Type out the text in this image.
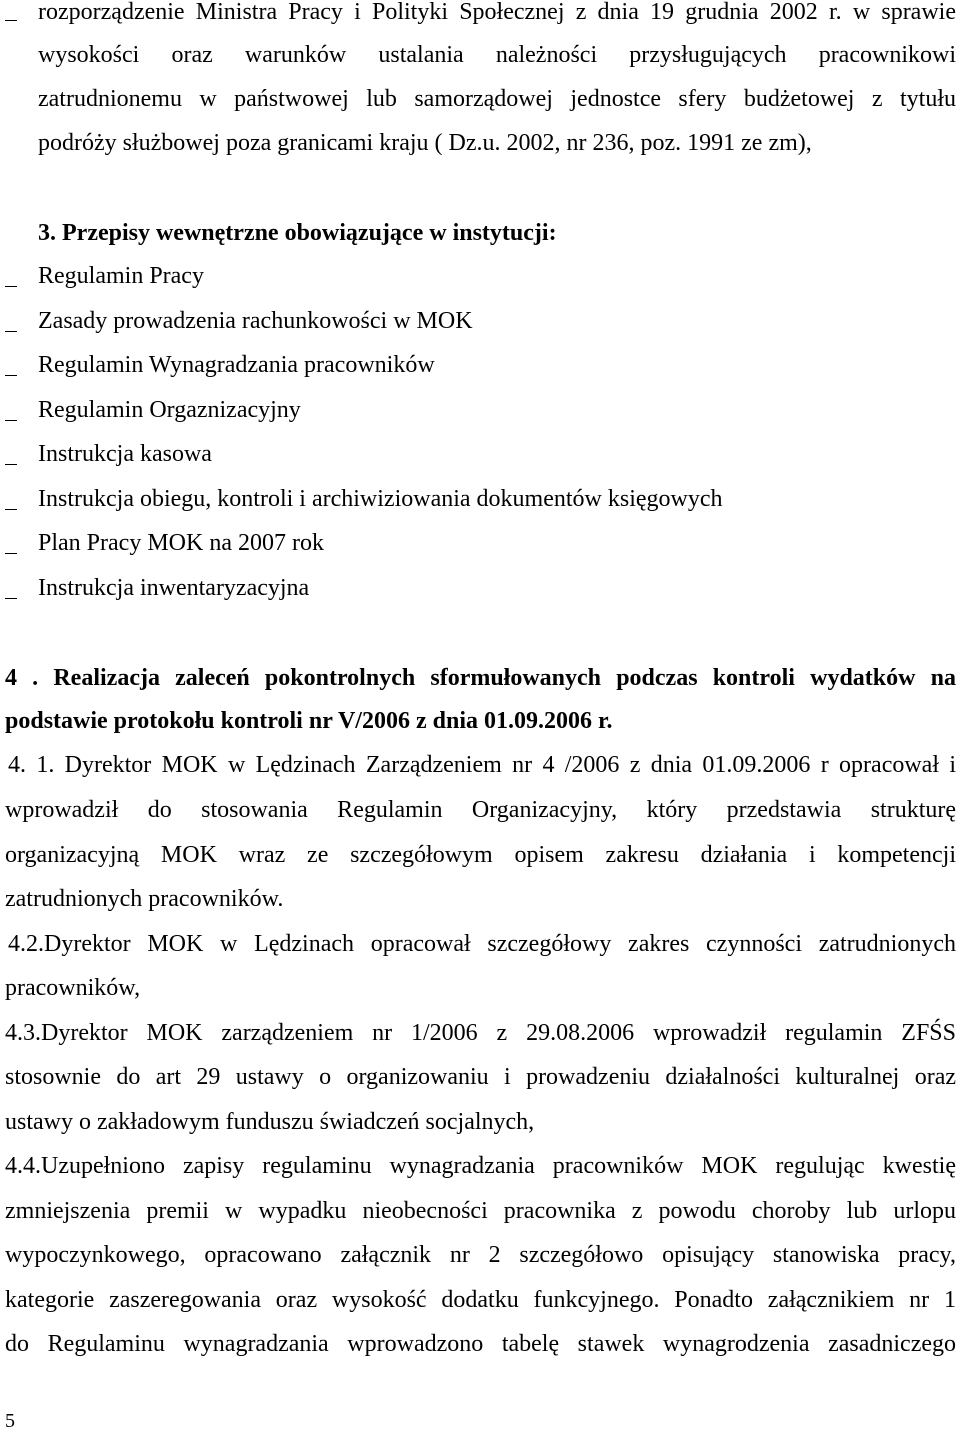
rozporządzenie Ministra Pracy i Polityki Społecznej z dnia 19 grudnia 2002 r. w sprawie
wysokości oraz warunków ustalania należności przysługujących pracownikowi
zatrudnionemu w państwowej lub samorządowej jednostce sfery budżetowej z tytułu
podróży służbowej poza granicami kraju ( Dz.u. 2002, nr 236, poz. 1991 ze zm),
3. Przepisy wewnętrzne obowiązujące w instytucji:
Regulamin Pracy
Zasady prowadzenia rachunkowości w MOK
Regulamin Wynagradzania pracowników
Regulamin Orgaznizacyjny
Instrukcja kasowa
Instrukcja obiegu, kontroli i archiwiziowania dokumentów księgowych
Plan Pracy MOK na 2007 rok
Instrukcja inwentaryzacyjna
4 . Realizacja zaleceń pokontrolnych sformułowanych podczas kontroli wydatków na
podstawie protokołu kontroli nr V/2006 z dnia 01.09.2006 r.
4. 1. Dyrektor MOK w Lędzinach Zarządzeniem nr 4 /2006 z dnia 01.09.2006 r opracował i
wprowadził do stosowania Regulamin Organizacyjny, który przedstawia strukturę
organizacyjną MOK wraz ze szczegółowym opisem zakresu działania i kompetencji
zatrudnionych pracowników.
4.2.Dyrektor MOK w Lędzinach opracował szczegółowy zakres czynności zatrudnionych
pracowników,
4.3.Dyrektor MOK zarządzeniem nr 1/2006 z 29.08.2006 wprowadził regulamin ZFŚS
stosownie do art 29 ustawy o organizowaniu i prowadzeniu działalności kulturalnej oraz
ustawy o zakładowym funduszu świadczeń socjalnych,
4.4.Uzupełniono zapisy regulaminu wynagradzania pracowników MOK regulując kwestię
zmniejszenia premii w wypadku nieobecności pracownika z powodu choroby lub urlopu
wypoczynkowego, opracowano załącznik nr 2 szczegółowo opisujący stanowiska pracy,
kategorie zaszeregowania oraz wysokość dodatku funkcyjnego. Ponadto załącznikiem nr 1
do Regulaminu wynagradzania wprowadzono tabelę stawek wynagrodzenia zasadniczego
5
